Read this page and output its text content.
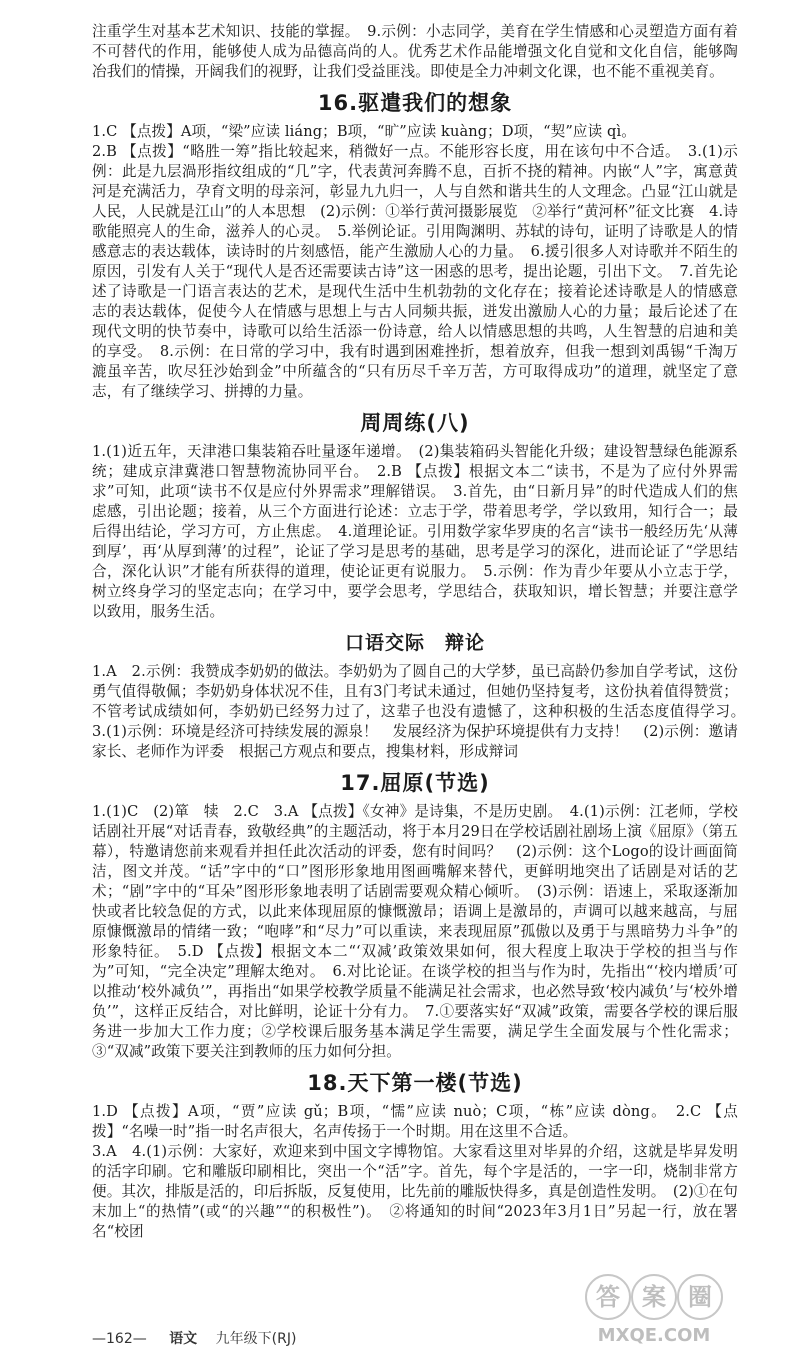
注重学生对基本艺术知识、技能的掌握。　9.示例：小志同学，美育在学生情感和心灵塑造方面有着不可替代的作用，能够使人成为品德高尚的人。优秀艺术作品能增强文化自觉和文化自信，能够陶冶我们的情操，开阔我们的视野，让我们受益匪浅。即使是全力冲刺文化课，也不能不重视美育。

16.驱遣我们的想象

1.C 【点拨】A项，“梁”应读 liáng；B项，“旷”应读 kuàng；D项，“契”应读 qì。

2.B 【点拨】“略胜一筹”指比较起来，稍微好一点。不能形容长度，用在该句中不合适。　3.(1)示例：此是九层渦形指纹组成的“几”字，代表黄河奔腾不息，百折不挠的精神。内嵌“人”字，寓意黄河是充满活力，孕育文明的母亲河，彰显九九归一，人与自然和谐共生的人文理念。凸显“江山就是人民，人民就是江山”的人本思想　(2)示例：①举行黄河摄影展览　②举行“黄河杯”征文比赛　4.诗歌能照亮人的生命，滋养人的心灵。　5.举例论证。引用陶渊明、苏轼的诗句，证明了诗歌是人的情感意志的表达载体，读诗时的片刻感悟，能产生激励人心的力量。　6.援引很多人对诗歌并不陌生的原因，引发有人关于“现代人是否还需要读古诗”这一困惑的思考，提出论题，引出下文。　7.首先论述了诗歌是一门语言表达的艺术，是现代生活中生机勃勃的文化存在；接着论述诗歌是人的情感意志的表达载体，促使今人在情感与思想上与古人同频共振，迸发出激励人心的力量；最后论述了在现代文明的快节奏中，诗歌可以给生活添一份诗意，给人以情感思想的共鸣，人生智慧的启迪和美的享受。　8.示例：在日常的学习中，我有时遇到困难挫折，想着放弃，但我一想到刘禹锡“千淘万漉虽辛苦，吹尽狂沙始到金”中所蕴含的“只有历尽千辛万苦，方可取得成功”的道理，就坚定了意志，有了继续学习、拼搏的力量。

周周练(八)

1.(1)近五年，天津港口集装箱吞吐量逐年递增。　(2)集装箱码头智能化升级；建设智慧绿色能源系统；建成京津冀港口智慧物流协同平台。　2.B 【点拨】根据文本二“读书，不是为了应付外界需求”可知，此项“读书不仅是应付外界需求”理解错误。　3.首先，由“日新月异”的时代造成人们的焦虑感，引出论题；接着，从三个方面进行论述：立志于学，带着思考学，学以致用，知行合一；最后得出结论，学习方可，方止焦虑。　4.道理论证。引用数学家华罗庚的名言“读书一般经历先‘从薄到厚’，再‘从厚到薄’的过程”，论证了学习是思考的基础，思考是学习的深化，进而论证了“学思结合，深化认识”才能有所获得的道理，使论证更有说服力。　5.示例：作为青少年要从小立志于学，树立终身学习的坚定志向；在学习中，要学会思考，学思结合，获取知识，增长智慧；并要注意学以致用，服务生活。

口语交际　辩论

1.A　2.示例：我赞成李奶奶的做法。李奶奶为了圆自己的大学梦，虽已高龄仍参加自学考试，这份勇气值得敬佩；李奶奶身体状况不佳，且有3门考试未通过，但她仍坚持复考，这份执着值得赞赏；不管考试成绩如何，李奶奶已经努力过了，这辈子也没有遗憾了，这种积极的生活态度值得学习。　3.(1)示例：环境是经济可持续发展的源泉！　发展经济为保护环境提供有力支持！　(2)示例：邀请家长、老师作为评委　根据己方观点和要点，搜集材料，形成辩词

17.屈原(节选)

1.(1)C　(2)箪　犊　2.C　3.A 【点拨】《女神》是诗集，不是历史剧。　4.(1)示例：江老师，学校话剧社开展“对话青春，致敬经典”的主题活动，将于本月29日在学校话剧社剧场上演《屈原》（第五幕），特邀请您前来观看并担任此次活动的评委，您有时间吗？　(2)示例：这个Logo的设计画面简洁，图文并茂。“话”字中的“口”图形形象地用图画嘴解来替代，更鲜明地突出了话剧是对话的艺术；“剧”字中的“耳朵”图形形象地表明了话剧需要观众精心倾听。　(3)示例：语速上，采取逐渐加快或者比较急促的方式，以此来体现屈原的慷慨激昂；语调上是激昂的，声调可以越来越高，与屈原慷慨激昂的情绪一致；“咆哮”和“尽力”可以重读，来表现屈原”孤傲以及勇于与黑暗势力斗争”的形象特征。　5.D 【点拨】根据文本二“‘双减’政策效果如何，很大程度上取决于学校的担当与作为”可知，“完全决定”理解太绝对。　6.对比论证。在谈学校的担当与作为时，先指出“‘校内增质’可以推动‘校外减负’”，再指出“如果学校教学质量不能满足社会需求，也必然导致‘校内减负’与‘校外增负’”，这样正反结合，对比鲜明，论证十分有力。　7.①要落实好“双减”政策，需要各学校的课后服务进一步加大工作力度；②学校课后服务基本满足学生需要，满足学生全面发展与个性化需求；③“双减”政策下要关注到教师的压力如何分担。

18.天下第一楼(节选)

1.D 【点拨】A项，“贾”应读 gǔ；B项，“懦”应读 nuò；C项，“栋”应读 dòng。　2.C 【点拨】“名噪一时”指一时名声很大，名声传扬于一个时期。用在这里不合适。

3.A　4.(1)示例：大家好，欢迎来到中国文字博物馆。大家看这里对毕昇的介绍，这就是毕昇发明的活字印刷。它和雕版印刷相比，突出一个“活”字。首先，每个字是活的，一字一印，烧制非常方便。其次，排版是活的，印后拆版，反复使用，比先前的雕版快得多，真是创造性发明。　(2)①在句末加上“的热情”(或“的兴趣”“的积极性”)。　②将通知的时间“2023年3月1日”另起一行，放在署名“校团

—162— 语文 九年级下(RJ)
答 案 圈
MXQE.COM
